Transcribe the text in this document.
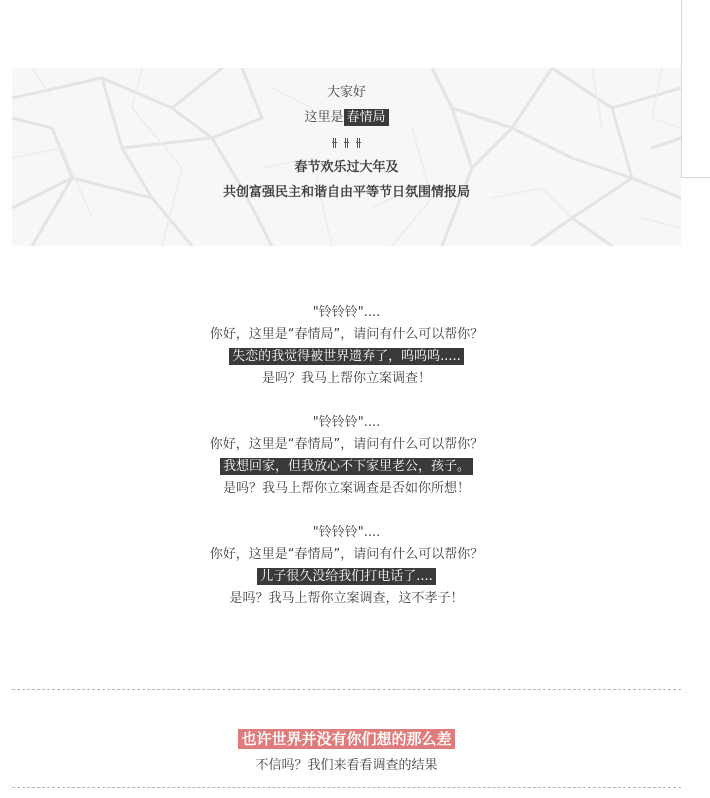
大家好
这里是 春情局
春节欢乐过大年及
共创富强民主和谐自由平等节日氛围情报局
"铃铃铃"....
你好，这里是“春情局”，请问有什么可以帮你？
失恋的我觉得被世界遗弃了，呜呜呜.....
是吗？我马上帮你立案调查！
"铃铃铃"....
你好，这里是“春情局”，请问有什么可以帮你？
我想回家，但我放心不下家里老公，孩子。
是吗？我马上帮你立案调查是否如你所想！
"铃铃铃"....
你好，这里是“春情局”，请问有什么可以帮你？
儿子很久没给我们打电话了....
是吗？我马上帮你立案调查，这不孝子！
也许世界并没有你们想的那么差
不信吗？我们来看看调查的结果
